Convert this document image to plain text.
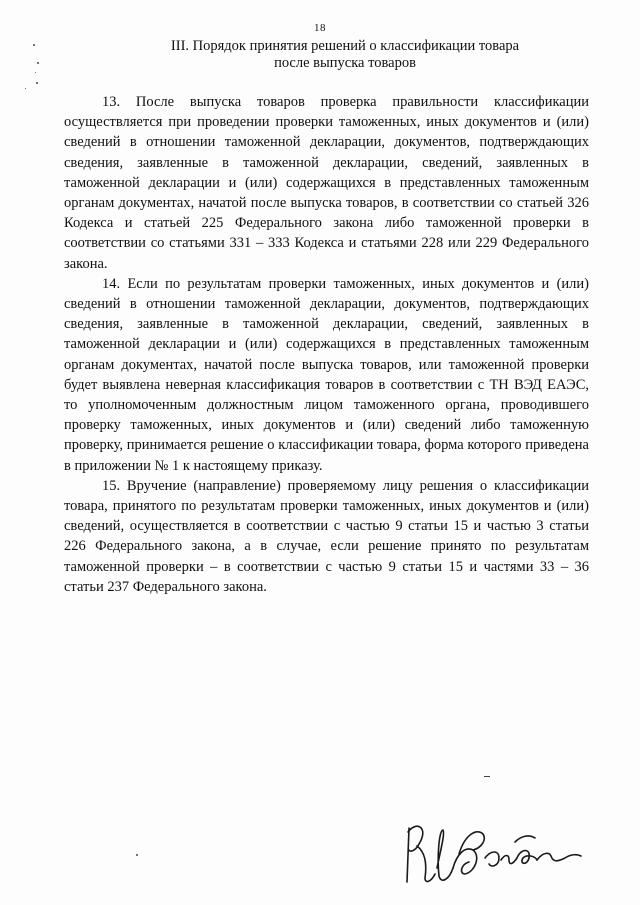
18
III. Порядок принятия решений о классификации товара
после выпуска товаров

13. После выпуска товаров проверка правильности классификации осуществляется при проведении проверки таможенных, иных документов и (или) сведений в отношении таможенной декларации, документов, подтверждающих сведения, заявленные в таможенной декларации, сведений, заявленных в таможенной декларации и (или) содержащихся в представленных таможенным органам документах, начатой после выпуска товаров, в соответствии со статьей 326 Кодекса и статьей 225 Федерального закона либо таможенной проверки в соответствии со статьями 331 – 333 Кодекса и статьями 228 или 229 Федерального закона.

14. Если по результатам проверки таможенных, иных документов и (или) сведений в отношении таможенной декларации, документов, подтверждающих сведения, заявленные в таможенной декларации, сведений, заявленных в таможенной декларации и (или) содержащихся в представленных таможенным органам документах, начатой после выпуска товаров, или таможенной проверки будет выявлена неверная классификация товаров в соответствии с ТН ВЭД ЕАЭС, то уполномоченным должностным лицом таможенного органа, проводившего проверку таможенных, иных документов и (или) сведений либо таможенную проверку, принимается решение о классификации товара, форма которого приведена в приложении № 1 к настоящему приказу.

15. Вручение (направление) проверяемому лицу решения о классификации товара, принятого по результатам проверки таможенных, иных документов и (или) сведений, осуществляется в соответствии с частью 9 статьи 15 и частью 3 статьи 226 Федерального закона, а в случае, если решение принято по результатам таможенной проверки – в соответствии с частью 9 статьи 15 и частями 33 – 36 статьи 237 Федерального закона.
